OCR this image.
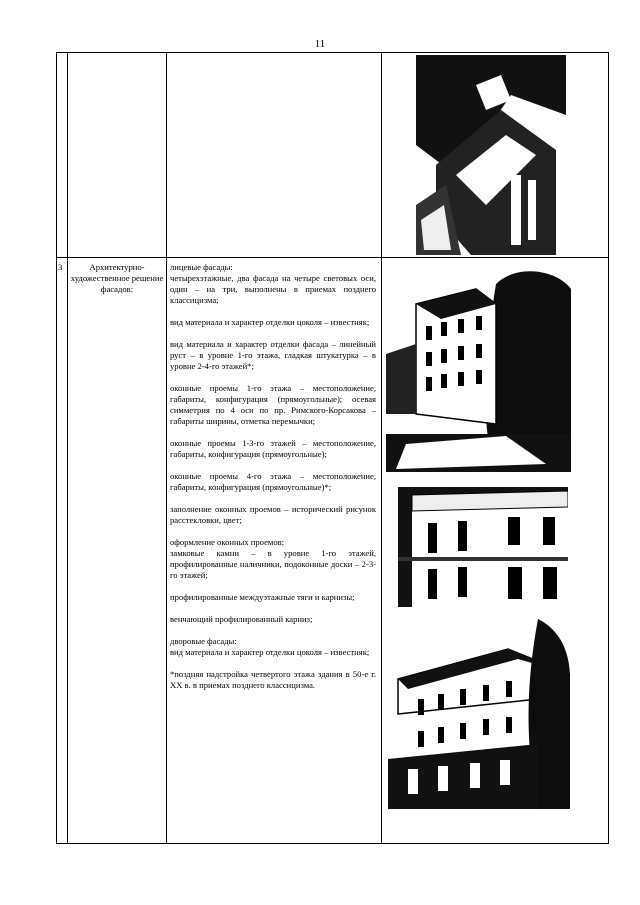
11
3	Архитектурно-художественное решение фасадов:

лицевые фасады:

четырехэтажные, два фасада на четыре световых оси, один – на три, выполнены в приемах позднего классицизма;

вид материала и характер отделки цоколя – известняк;

вид материала и характер отделки фасада – линейный руст – в уровне 1-го этажа, гладкая штукатурка – в уровне 2-4-го этажей*;

оконные проемы 1-го этажа – местоположение, габариты, конфигурация (прямоугольные); осевая симметрия по 4 оси по пр. Римского-Корсакова – габариты ширины, отметка перемычки;

оконные проемы 1-3-го этажей – местоположение, габариты, конфигурация (прямоугольные);

оконные проемы 4-го этажа – местоположение, габариты, конфигурация (прямоугольные)*;

заполнение оконных проемов – исторический рисунок расстекловки, цвет;

оформление оконных проемов:

замковые камни – в уровне 1-го этажей, профилированные наличники, подоконные доски – 2-3-го этажей;

профилированные междуэтажные тяги и карнизы;

венчающий профилированный карниз;

дворовые фасады:

вид материала и характер отделки цоколя – известняк;

*поздняя надстройка четвертого этажа здания в 50-е г. XX в. в приемах позднего классицизма.
